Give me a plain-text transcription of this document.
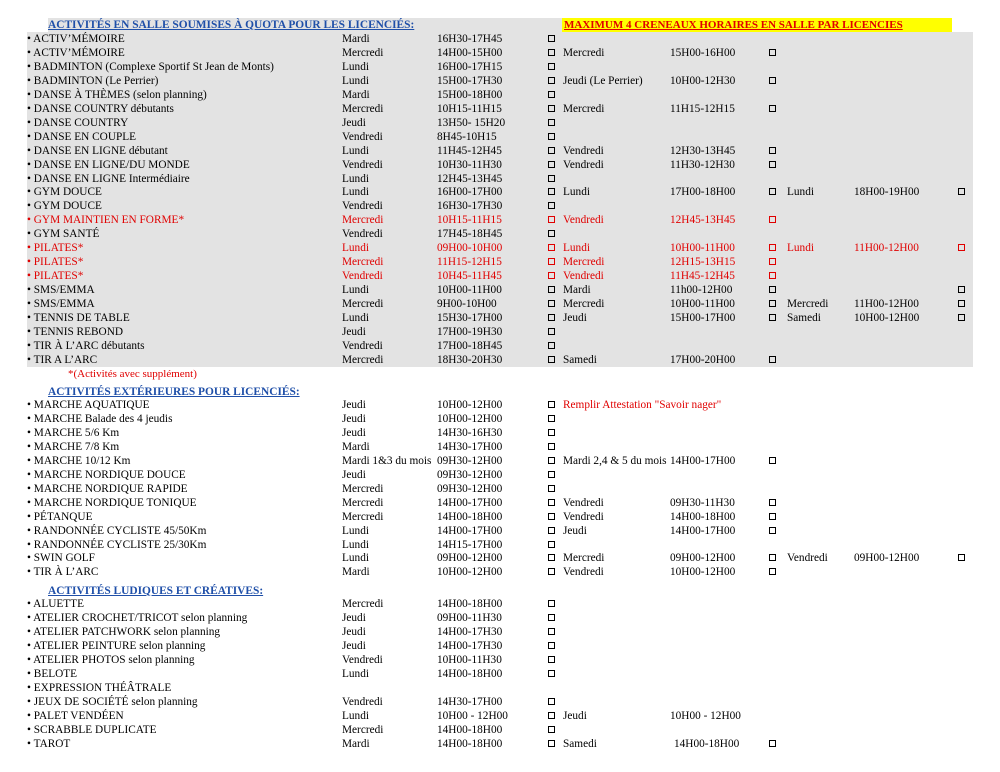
ACTIVITÉS EN SALLE SOUMISES À QUOTA POUR LES LICENCIÉS:	MAXIMUM 4 CRENEAUX HORAIRES EN SALLE PAR LICENCIES
• ACTIV’MÉMOIRE	Mardi	16H30-17H45
• ACTIV’MÉMOIRE	Mercredi	14H00-15H00	Mercredi	15H00-16H00
• BADMINTON (Complexe Sportif St Jean de Monts)	Lundi	16H00-17H15
• BADMINTON (Le Perrier)	Lundi	15H00-17H30	Jeudi (Le Perrier) 10H00-12H30
• DANSE À THÈMES (selon planning)	Mardi	15H00-18H00
• DANSE COUNTRY débutants	Mercredi	10H15-11H15	Mercredi	11H15-12H15
• DANSE COUNTRY	Jeudi	13H50- 15H20
• DANSE EN COUPLE	Vendredi	8H45-10H15
• DANSE EN LIGNE débutant	Lundi	11H45-12H45	Vendredi	12H30-13H45
• DANSE EN LIGNE/DU MONDE	Vendredi	10H30-11H30	Vendredi	11H30-12H30
• DANSE EN LIGNE Intermédiaire	Lundi	12H45-13H45
• GYM DOUCE	Lundi	16H00-17H00	Lundi	17H00-18H00	Lundi	18H00-19H00
• GYM DOUCE	Vendredi	16H30-17H30
• GYM MAINTIEN EN FORME*	Mercredi	10H15-11H15	Vendredi	12H45-13H45
• GYM SANTÉ	Vendredi	17H45-18H45
• PILATES*	Lundi	09H00-10H00	Lundi	10H00-11H00	Lundi	11H00-12H00
• PILATES*	Mercredi	11H15-12H15	Mercredi	12H15-13H15
• PILATES*	Vendredi	10H45-11H45	Vendredi	11H45-12H45
• SMS/EMMA	Lundi	10H00-11H00	Mardi	11h00-12H00
• SMS/EMMA	Mercredi	9H00-10H00	Mercredi	10H00-11H00	Mercredi 11H00-12H00
• TENNIS DE TABLE	Lundi	15H30-17H00	Jeudi	15H00-17H00	Samedi	10H00-12H00
• TENNIS REBOND	Jeudi	17H00-19H30
• TIR À L’ARC débutants	Vendredi	17H00-18H45
• TIR A L’ARC	Mercredi	18H30-20H30	Samedi	17H00-20H00
*(Activités avec supplément)
ACTIVITÉS EXTÉRIEURES POUR LICENCIÉS:
• MARCHE AQUATIQUE	Jeudi	10H00-12H00	Remplir Attestation "Savoir nager"
• MARCHE Balade des 4 jeudis	Jeudi	10H00-12H00
• MARCHE 5/6 Km	Jeudi	14H30-16H30
• MARCHE 7/8 Km	Mardi	14H30-17H00
• MARCHE 10/12 Km	Mardi 1&3 du mois 09H30-12H00	Mardi 2,4 & 5 du mois 14H00-17H00
• MARCHE NORDIQUE DOUCE	Jeudi	09H30-12H00
• MARCHE NORDIQUE RAPIDE	Mercredi	09H30-12H00
• MARCHE NORDIQUE TONIQUE	Mercredi	14H00-17H00	Vendredi	09H30-11H30
• PÉTANQUE	Mercredi	14H00-18H00	Vendredi	14H00-18H00
• RANDONNÉE CYCLISTE 45/50Km	Lundi	14H00-17H00	Jeudi	14H00-17H00
• RANDONNÉE CYCLISTE 25/30Km	Lundi	14H15-17H00
• SWIN GOLF	Lundi	09H00-12H00	Mercredi	09H00-12H00	Vendredi 09H00-12H00
• TIR À L’ARC	Mardi	10H00-12H00	Vendredi	10H00-12H00
ACTIVITÉS LUDIQUES ET CRÉATIVES:
• ALUETTE	Mercredi	14H00-18H00
• ATELIER CROCHET/TRICOT selon planning	Jeudi	09H00-11H30
• ATELIER PATCHWORK selon planning	Jeudi	14H00-17H30
• ATELIER PEINTURE selon planning	Jeudi	14H00-17H30
• ATELIER PHOTOS selon planning	Vendredi	10H00-11H30
• BELOTE	Lundi	14H00-18H00
• EXPRESSION THÉÂTRALE
• JEUX DE SOCIÉTÉ selon planning	Vendredi	14H30-17H00
• PALET VENDÉEN	Lundi	10H00 - 12H00	Jeudi	10H00 - 12H00
• SCRABBLE DUPLICATE	Mercredi	14H00-18H00
• TAROT	Mardi	14H00-18H00	Samedi	14H00-18H00
